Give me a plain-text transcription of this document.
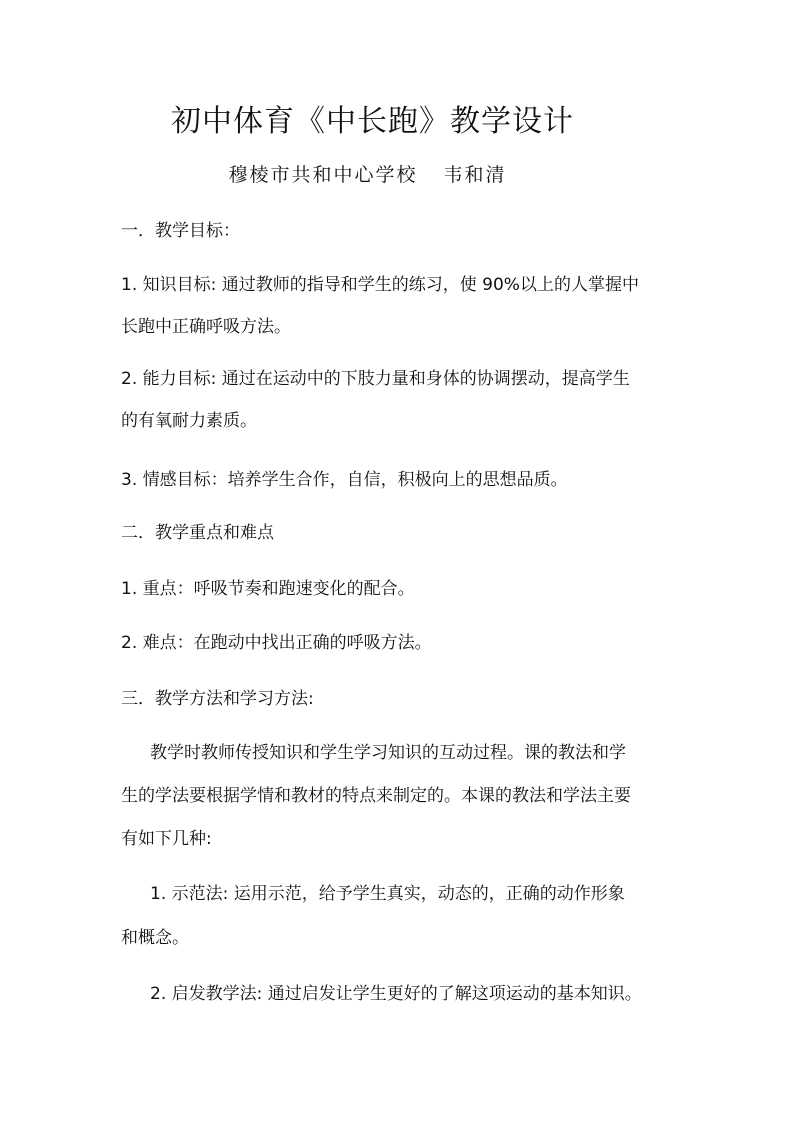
初中体育《中长跑》教学设计
穆棱市共和中心学校 韦和清
一．教学目标：
1. 知识目标: 通过教师的指导和学生的练习，使 90%以上的人掌握中
长跑中正确呼吸方法。
2. 能力目标: 通过在运动中的下肢力量和身体的协调摆动，提高学生
的有氧耐力素质。
3. 情感目标：培养学生合作，自信，积极向上的思想品质。
二．教学重点和难点
1. 重点：呼吸节奏和跑速变化的配合。
2. 难点：在跑动中找出正确的呼吸方法。
三．教学方法和学习方法:
教学时教师传授知识和学生学习知识的互动过程。课的教法和学
生的学法要根据学情和教材的特点来制定的。本课的教法和学法主要
有如下几种:
1. 示范法: 运用示范，给予学生真实，动态的，正确的动作形象
和概念。
2. 启发教学法: 通过启发让学生更好的了解这项运动的基本知识。
